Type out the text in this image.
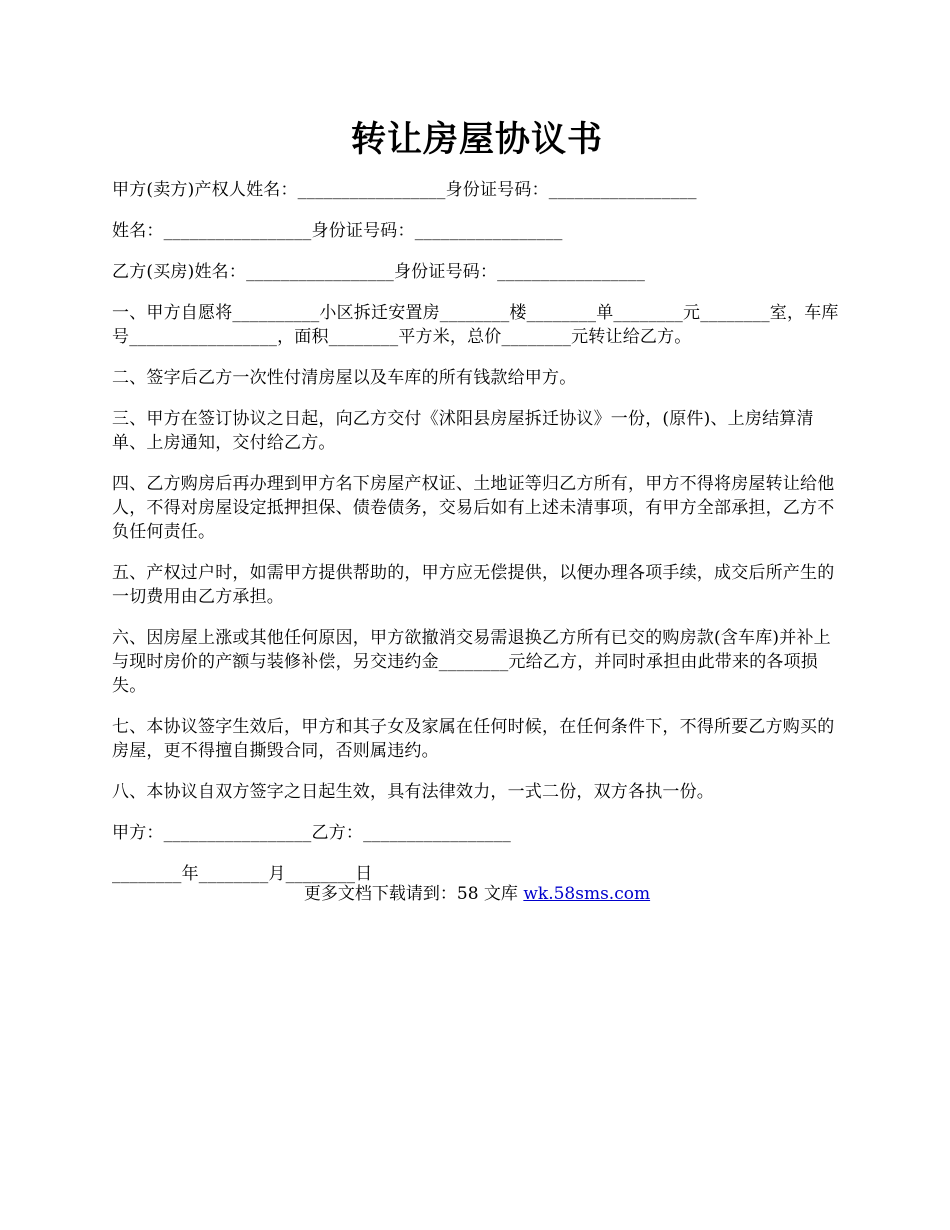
转让房屋协议书

甲方(卖方)产权人姓名：_________________身份证号码：_________________

姓名：_________________身份证号码：_________________

乙方(买房)姓名：_________________身份证号码：_________________

一、甲方自愿将__________小区拆迁安置房________楼________单________元________室，车库号_________________，面积________平方米，总价________元转让给乙方。

二、签字后乙方一次性付清房屋以及车库的所有钱款给甲方。

三、甲方在签订协议之日起，向乙方交付《沭阳县房屋拆迁协议》一份，(原件)、上房结算清单、上房通知，交付给乙方。

四、乙方购房后再办理到甲方名下房屋产权证、土地证等归乙方所有，甲方不得将房屋转让给他人，不得对房屋设定抵押担保、债卷债务，交易后如有上述未清事项，有甲方全部承担，乙方不负任何责任。

五、产权过户时，如需甲方提供帮助的，甲方应无偿提供，以便办理各项手续，成交后所产生的一切费用由乙方承担。

六、因房屋上涨或其他任何原因，甲方欲撤消交易需退换乙方所有已交的购房款(含车库)并补上与现时房价的产额与装修补偿，另交违约金________元给乙方，并同时承担由此带来的各项损失。

七、本协议签字生效后，甲方和其子女及家属在任何时候，在任何条件下，不得所要乙方购买的房屋，更不得擅自撕毁合同，否则属违约。

八、本协议自双方签字之日起生效，具有法律效力，一式二份，双方各执一份。

甲方：_________________乙方：_________________

________年________月________日

更多文档下载请到：58 文库 wk.58sms.com
